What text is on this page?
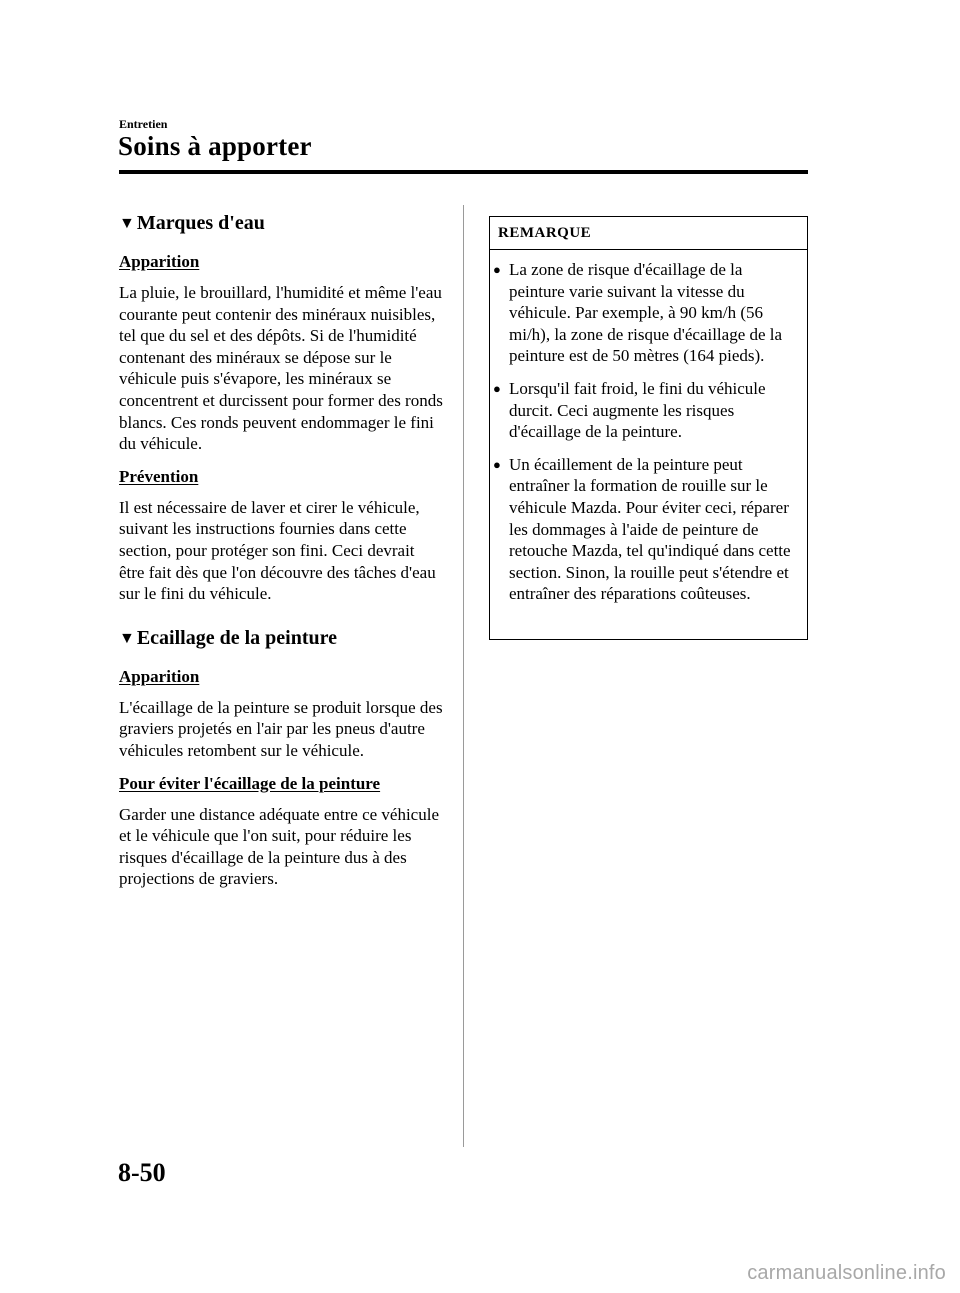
Entretien
Soins à apporter
▼ Marques d'eau

Apparition

La pluie, le brouillard, l'humidité et même l'eau courante peut contenir des minéraux nuisibles, tel que du sel et des dépôts. Si de l'humidité contenant des minéraux se dépose sur le véhicule puis s'évapore, les minéraux se concentrent et durcissent pour former des ronds blancs. Ces ronds peuvent endommager le fini du véhicule.

Prévention

Il est nécessaire de laver et cirer le véhicule, suivant les instructions fournies dans cette section, pour protéger son fini. Ceci devrait être fait dès que l'on découvre des tâches d'eau sur le fini du véhicule.

▼ Ecaillage de la peinture

Apparition

L'écaillage de la peinture se produit lorsque des graviers projetés en l'air par les pneus d'autre véhicules retombent sur le véhicule.

Pour éviter l'écaillage de la peinture

Garder une distance adéquate entre ce véhicule et le véhicule que l'on suit, pour réduire les risques d'écaillage de la peinture dus à des projections de graviers.

REMARQUE
● La zone de risque d'écaillage de la peinture varie suivant la vitesse du véhicule. Par exemple, à 90 km/h (56 mi/h), la zone de risque d'écaillage de la peinture est de 50 mètres (164 pieds).
● Lorsqu'il fait froid, le fini du véhicule durcit. Ceci augmente les risques d'écaillage de la peinture.
● Un écaillement de la peinture peut entraîner la formation de rouille sur le véhicule Mazda. Pour éviter ceci, réparer les dommages à l'aide de peinture de retouche Mazda, tel qu'indiqué dans cette section. Sinon, la rouille peut s'étendre et entraîner des réparations coûteuses.
8-50
carmanualsonline.info
